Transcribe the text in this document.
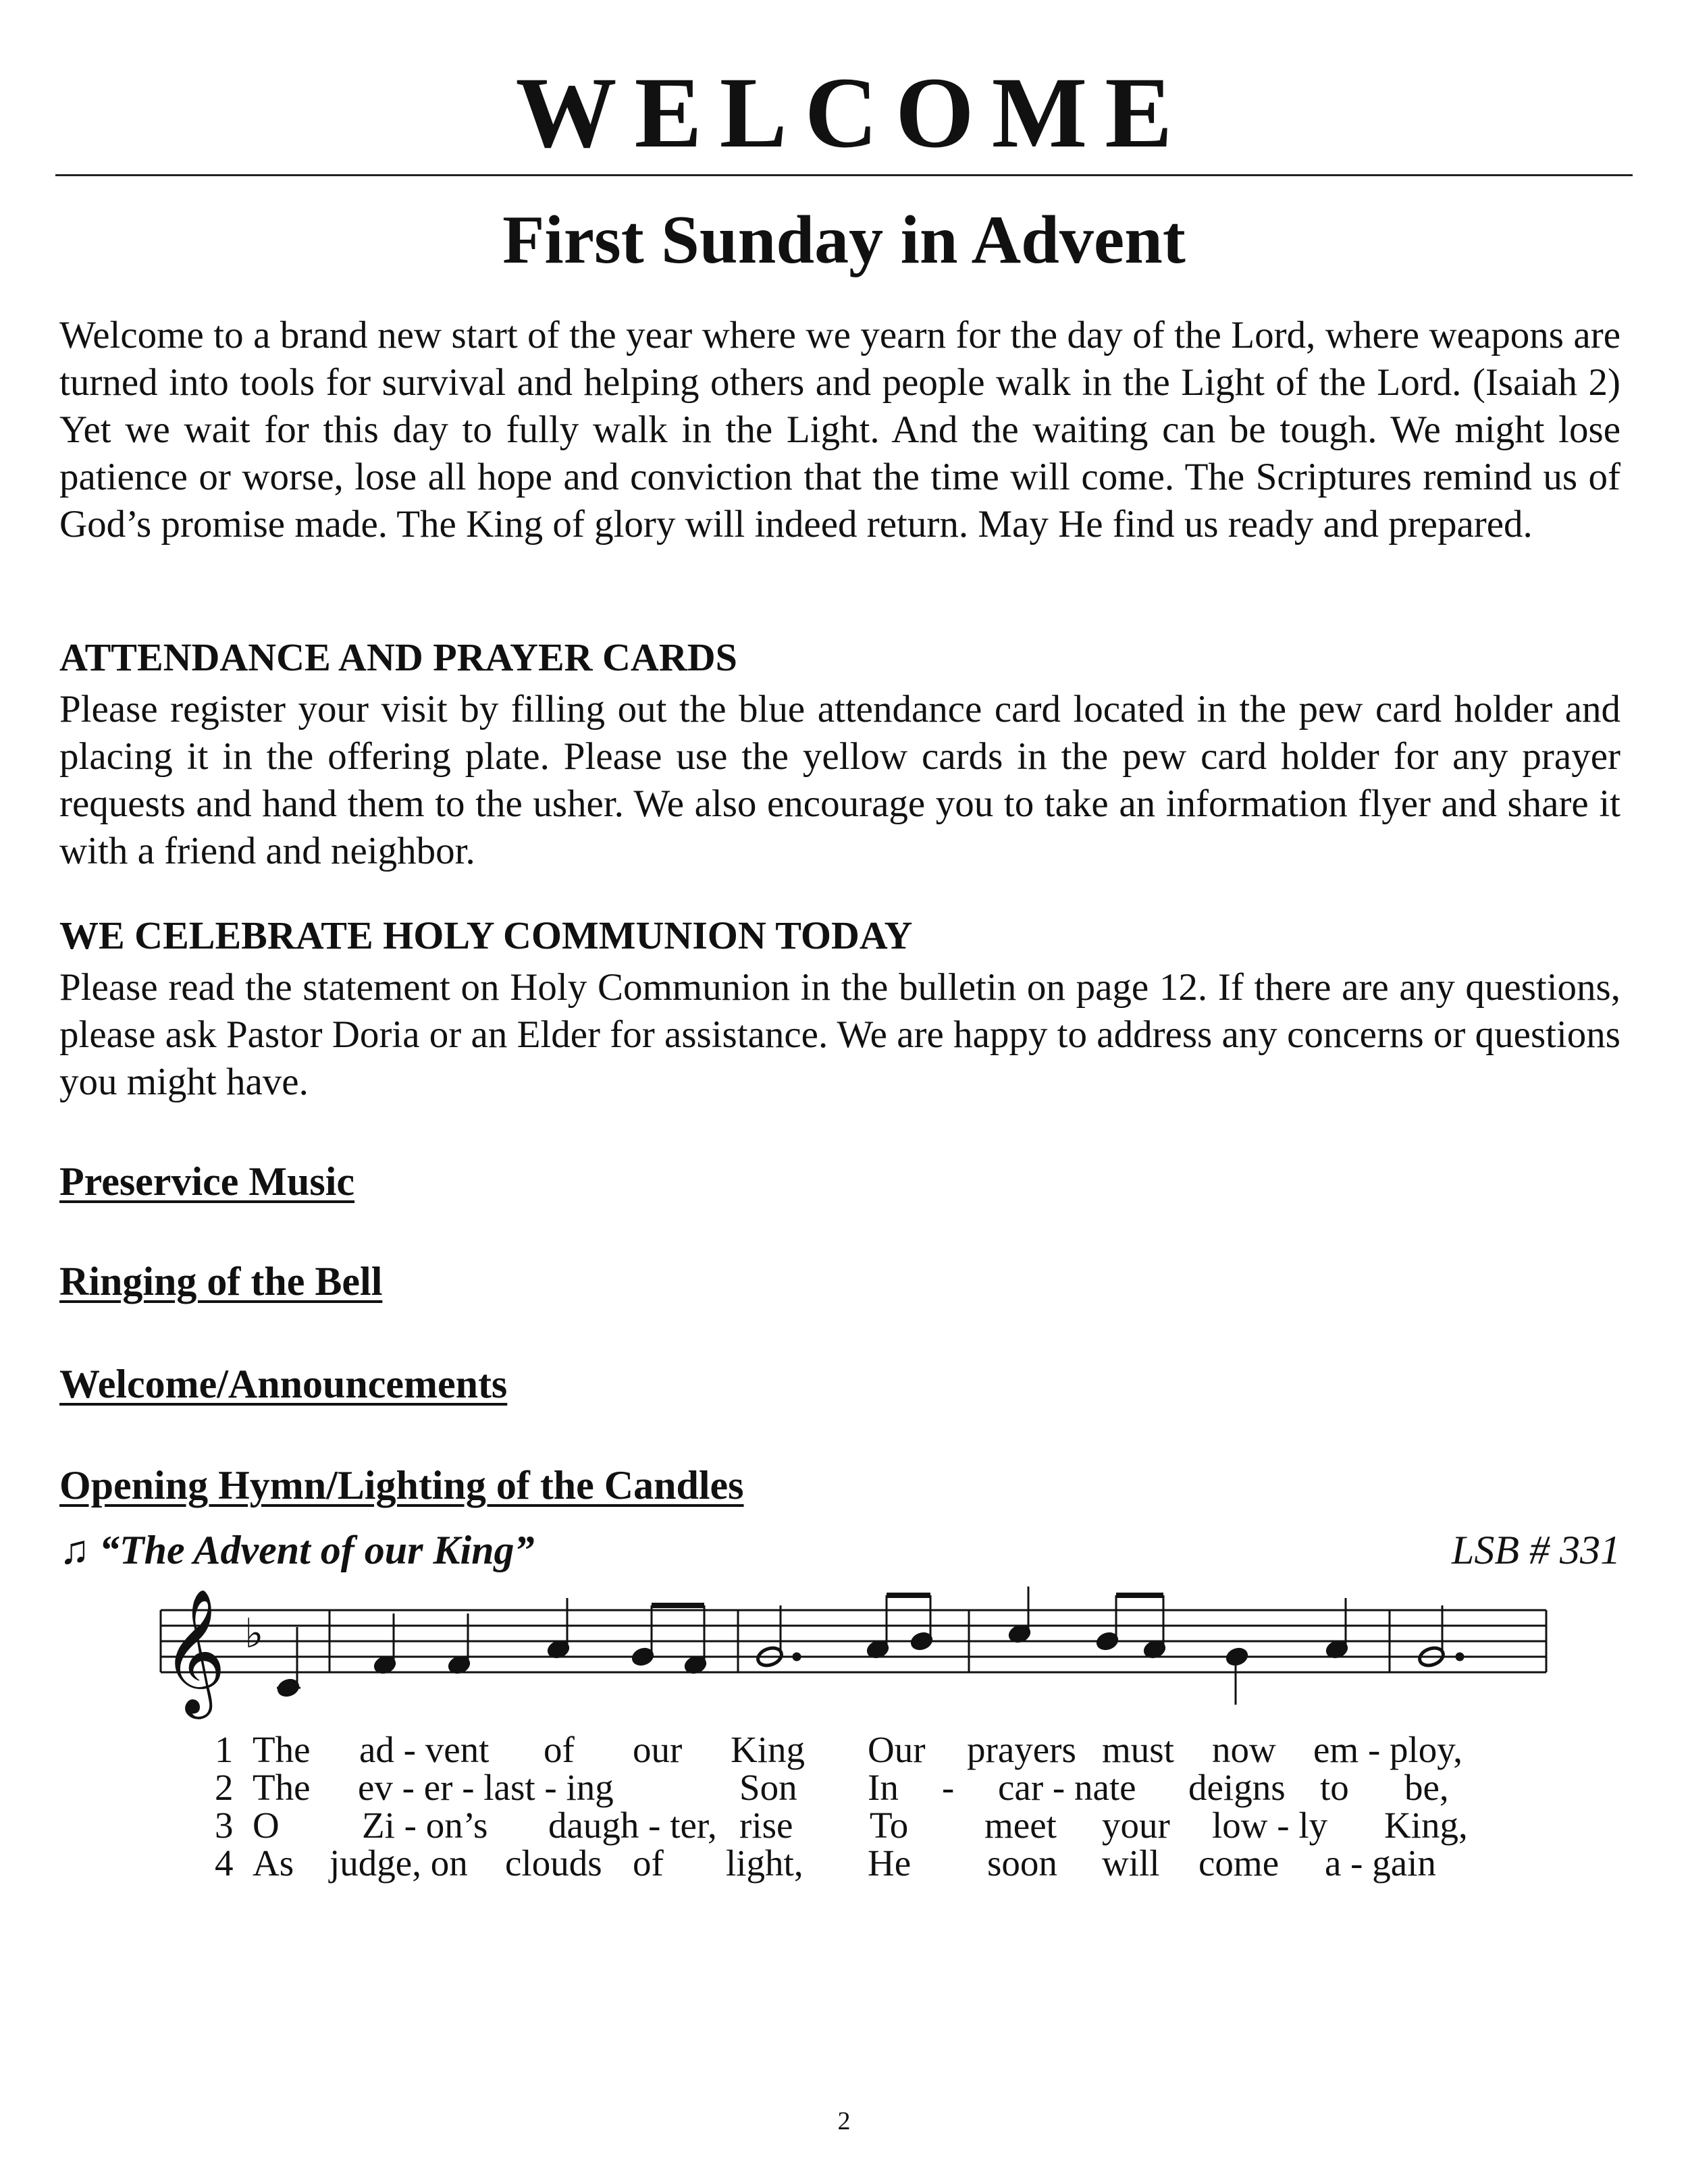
WELCOME
First Sunday in Advent

Welcome to a brand new start of the year where we yearn for the day of the Lord, where weapons are turned into tools for survival and helping others and people walk in the Light of the Lord. (Isaiah 2) Yet we wait for this day to fully walk in the Light. And the waiting can be tough. We might lose patience or worse, lose all hope and conviction that the time will come. The Scriptures remind us of God’s promise made. The King of glory will indeed return. May He find us ready and prepared.

ATTENDANCE AND PRAYER CARDS

Please register your visit by filling out the blue attendance card located in the pew card holder and placing it in the offering plate. Please use the yellow cards in the pew card holder for any prayer requests and hand them to the usher. We also encourage you to take an information flyer and share it with a friend and neighbor.

WE CELEBRATE HOLY COMMUNION TODAY

Please read the statement on Holy Communion in the bulletin on page 12. If there are any questions, please ask Pastor Doria or an Elder for assistance. We are happy to address any concerns or questions you might have.

Preservice Music
Ringing of the Bell
Welcome/Announcements
Opening Hymn/Lighting of the Candles
♫ “The Advent of our King”	LSB # 331
𝄞 ♭
1 The ad - vent of our King Our prayers must now em - ploy,
2 The ev - er - last - ing	Son In - car - nate deigns to be,
3 O Zi - on’s daugh - ter, rise To meet your low - ly King,
4 As judge, on clouds of light, He soon will come a - gain
2
